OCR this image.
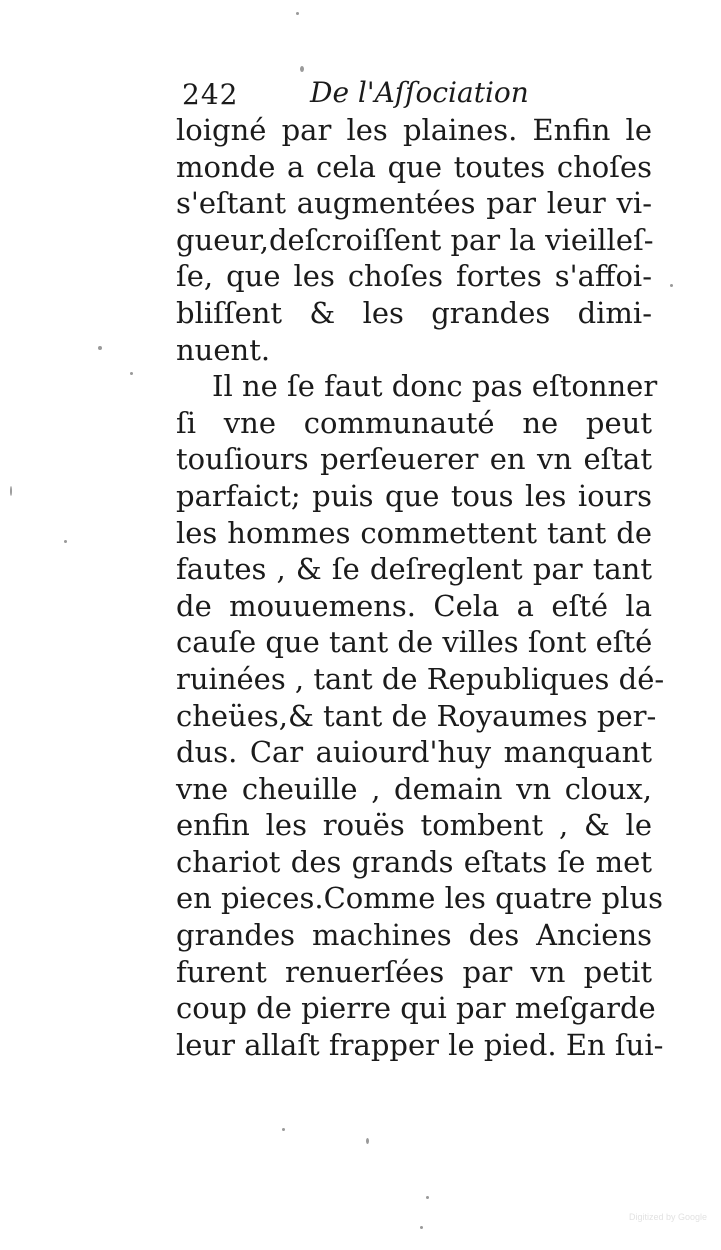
242	De l'Aſſociation
loigné par les plaines. Enfin le
monde a cela que toutes choſes
s'eſtant augmentées par leur vi-
gueur,deſcroiſſent par la vieilleſ-
ſe, que les choſes fortes s'affoi-
bliſſent & les grandes dimi-
nuent.
Il ne ſe faut donc pas eſtonner
ſi vne communauté ne peut
touſiours perſeuerer en vn eſtat
parfaict; puis que tous les iours
les hommes commettent tant de
fautes , & ſe deſreglent par tant
de mouuemens. Cela a eſté la
cauſe que tant de villes ſont eſté
ruinées , tant de Republiques dé-
cheües,& tant de Royaumes per-
dus. Car auiourd'huy manquant
vne cheuille , demain vn cloux,
enfin les rouës tombent , & le
chariot des grands eſtats ſe met
en pieces.Comme les quatre plus
grandes machines des Anciens
furent renuerſées par vn petit
coup de pierre qui par meſgarde
leur allaſt frapper le pied. En ſui-
Digitized by Google
